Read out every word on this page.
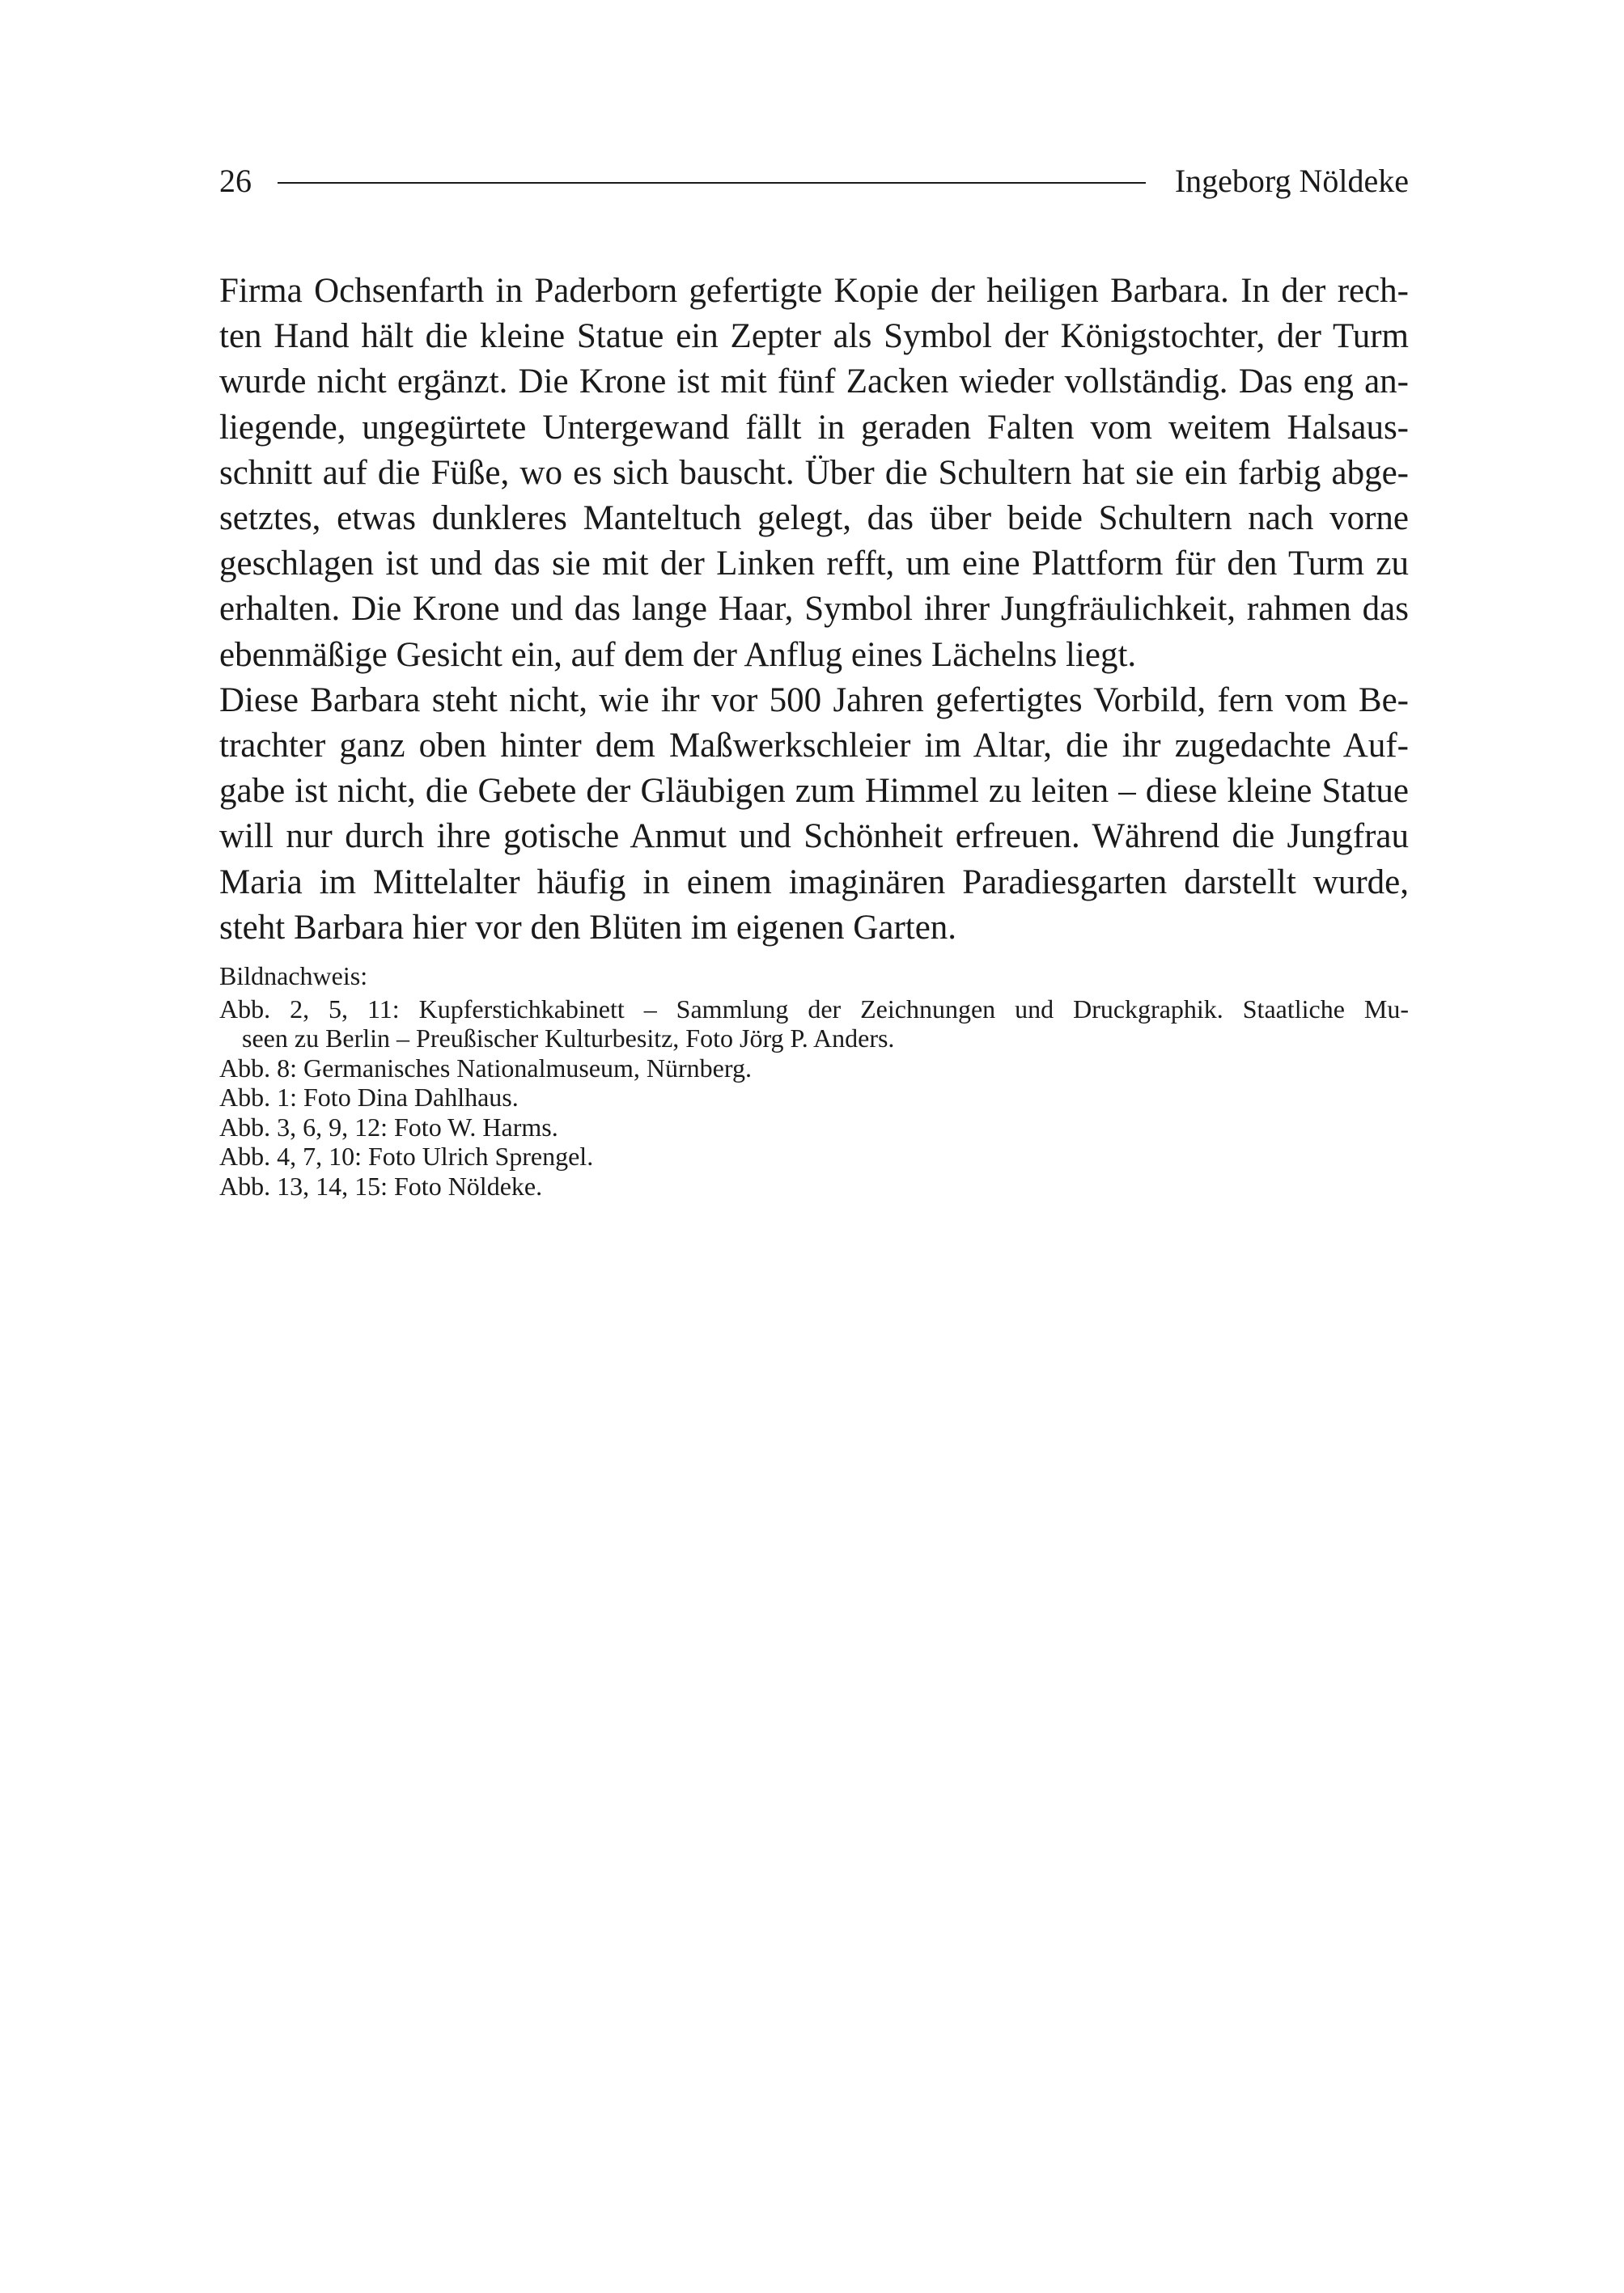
26	Ingeborg Nöldeke

Firma Ochsenfarth in Paderborn gefertigte Kopie der heiligen Barbara. In der rech-
ten Hand hält die kleine Statue ein Zepter als Symbol der Königstochter, der Turm
wurde nicht ergänzt. Die Krone ist mit fünf Zacken wieder vollständig. Das eng an-
liegende, ungegürtete Untergewand fällt in geraden Falten vom weitem Halsaus-
schnitt auf die Füße, wo es sich bauscht. Über die Schultern hat sie ein farbig abge-
setztes, etwas dunkleres Manteltuch gelegt, das über beide Schultern nach vorne
geschlagen ist und das sie mit der Linken refft, um eine Plattform für den Turm zu
erhalten. Die Krone und das lange Haar, Symbol ihrer Jungfräulichkeit, rahmen das
ebenmäßige Gesicht ein, auf dem der Anflug eines Lächelns liegt.
Diese Barbara steht nicht, wie ihr vor 500 Jahren gefertigtes Vorbild, fern vom Be-
trachter ganz oben hinter dem Maßwerkschleier im Altar, die ihr zugedachte Auf-
gabe ist nicht, die Gebete der Gläubigen zum Himmel zu leiten – diese kleine Statue
will nur durch ihre gotische Anmut und Schönheit erfreuen. Während die Jungfrau
Maria im Mittelalter häufig in einem imaginären Paradiesgarten darstellt wurde,
steht Barbara hier vor den Blüten im eigenen Garten.

Bildnachweis:
Abb. 2, 5, 11: Kupferstichkabinett – Sammlung der Zeichnungen und Druckgraphik. Staatliche Mu-
seen zu Berlin – Preußischer Kulturbesitz, Foto Jörg P. Anders.
Abb. 8: Germanisches Nationalmuseum, Nürnberg.
Abb. 1: Foto Dina Dahlhaus.
Abb. 3, 6, 9, 12: Foto W. Harms.
Abb. 4, 7, 10: Foto Ulrich Sprengel.
Abb. 13, 14, 15: Foto Nöldeke.
